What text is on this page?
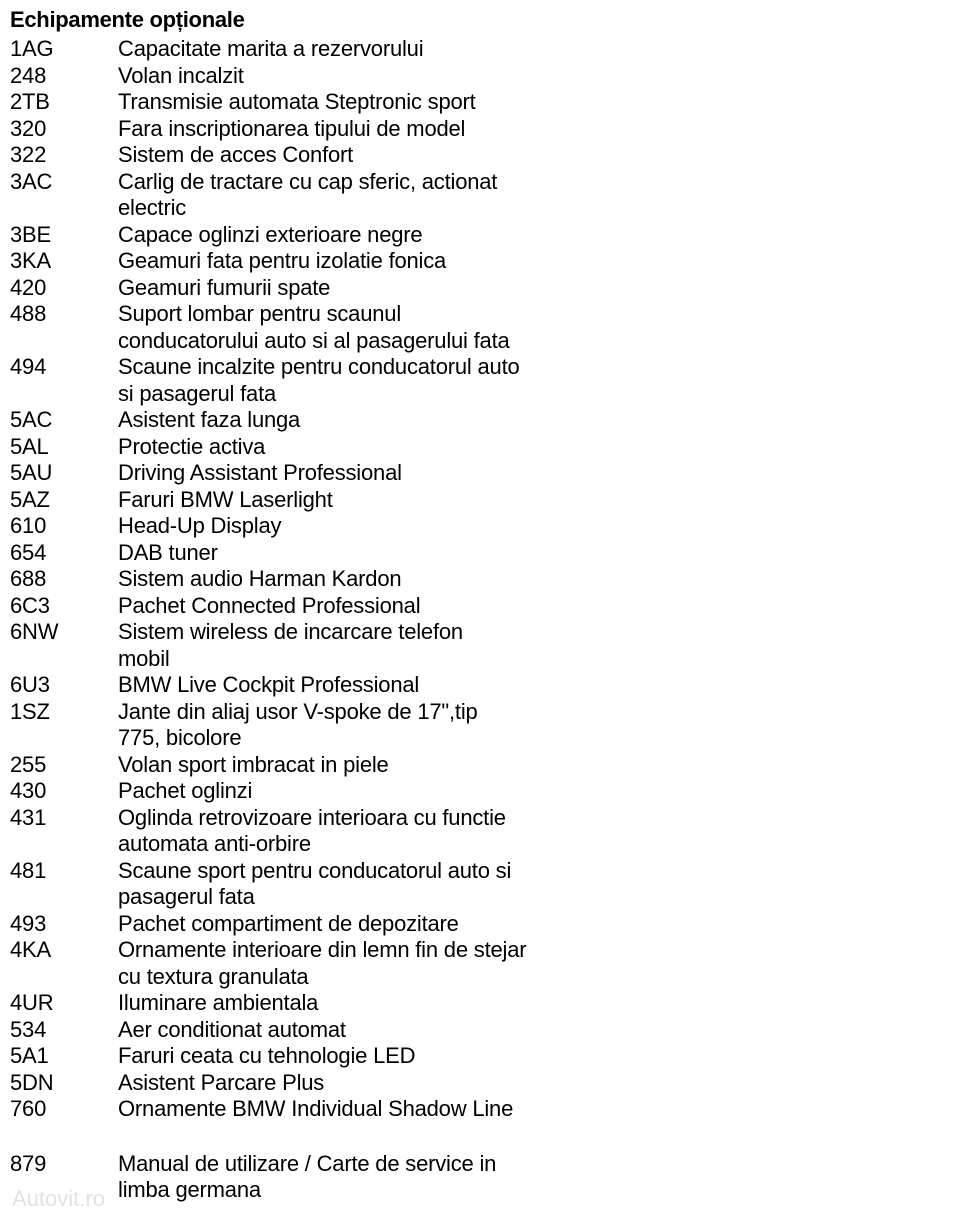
Echipamente opționale
1AG	Capacitate marita a rezervorului
248	Volan incalzit
2TB	Transmisie automata Steptronic sport
320	Fara inscriptionarea tipului de model
322	Sistem de acces Confort
3AC	Carlig de tractare cu cap sferic, actionat
electric
3BE	Capace oglinzi exterioare negre
3KA	Geamuri fata pentru izolatie fonica
420	Geamuri fumurii spate
488	Suport lombar pentru scaunul
conducatorului auto si al pasagerului fata
494	Scaune incalzite pentru conducatorul auto
si pasagerul fata
5AC	Asistent faza lunga
5AL	Protectie activa
5AU	Driving Assistant Professional
5AZ	Faruri BMW Laserlight
610	Head-Up Display
654	DAB tuner
688	Sistem audio Harman Kardon
6C3	Pachet Connected Professional
6NW	Sistem wireless de incarcare telefon
mobil
6U3	BMW Live Cockpit Professional
1SZ	Jante din aliaj usor V-spoke de 17",tip
775, bicolore
255	Volan sport imbracat in piele
430	Pachet oglinzi
431	Oglinda retrovizoare interioara cu functie
automata anti-orbire
481	Scaune sport pentru conducatorul auto si
pasagerul fata
493	Pachet compartiment de depozitare
4KA	Ornamente interioare din lemn fin de stejar
cu textura granulata
4UR	Iluminare ambientala
534	Aer conditionat automat
5A1	Faruri ceata cu tehnologie LED
5DN	Asistent Parcare Plus
760	Ornamente BMW Individual Shadow Line
879	Manual de utilizare / Carte de service in
limba germana
Autovit.ro
